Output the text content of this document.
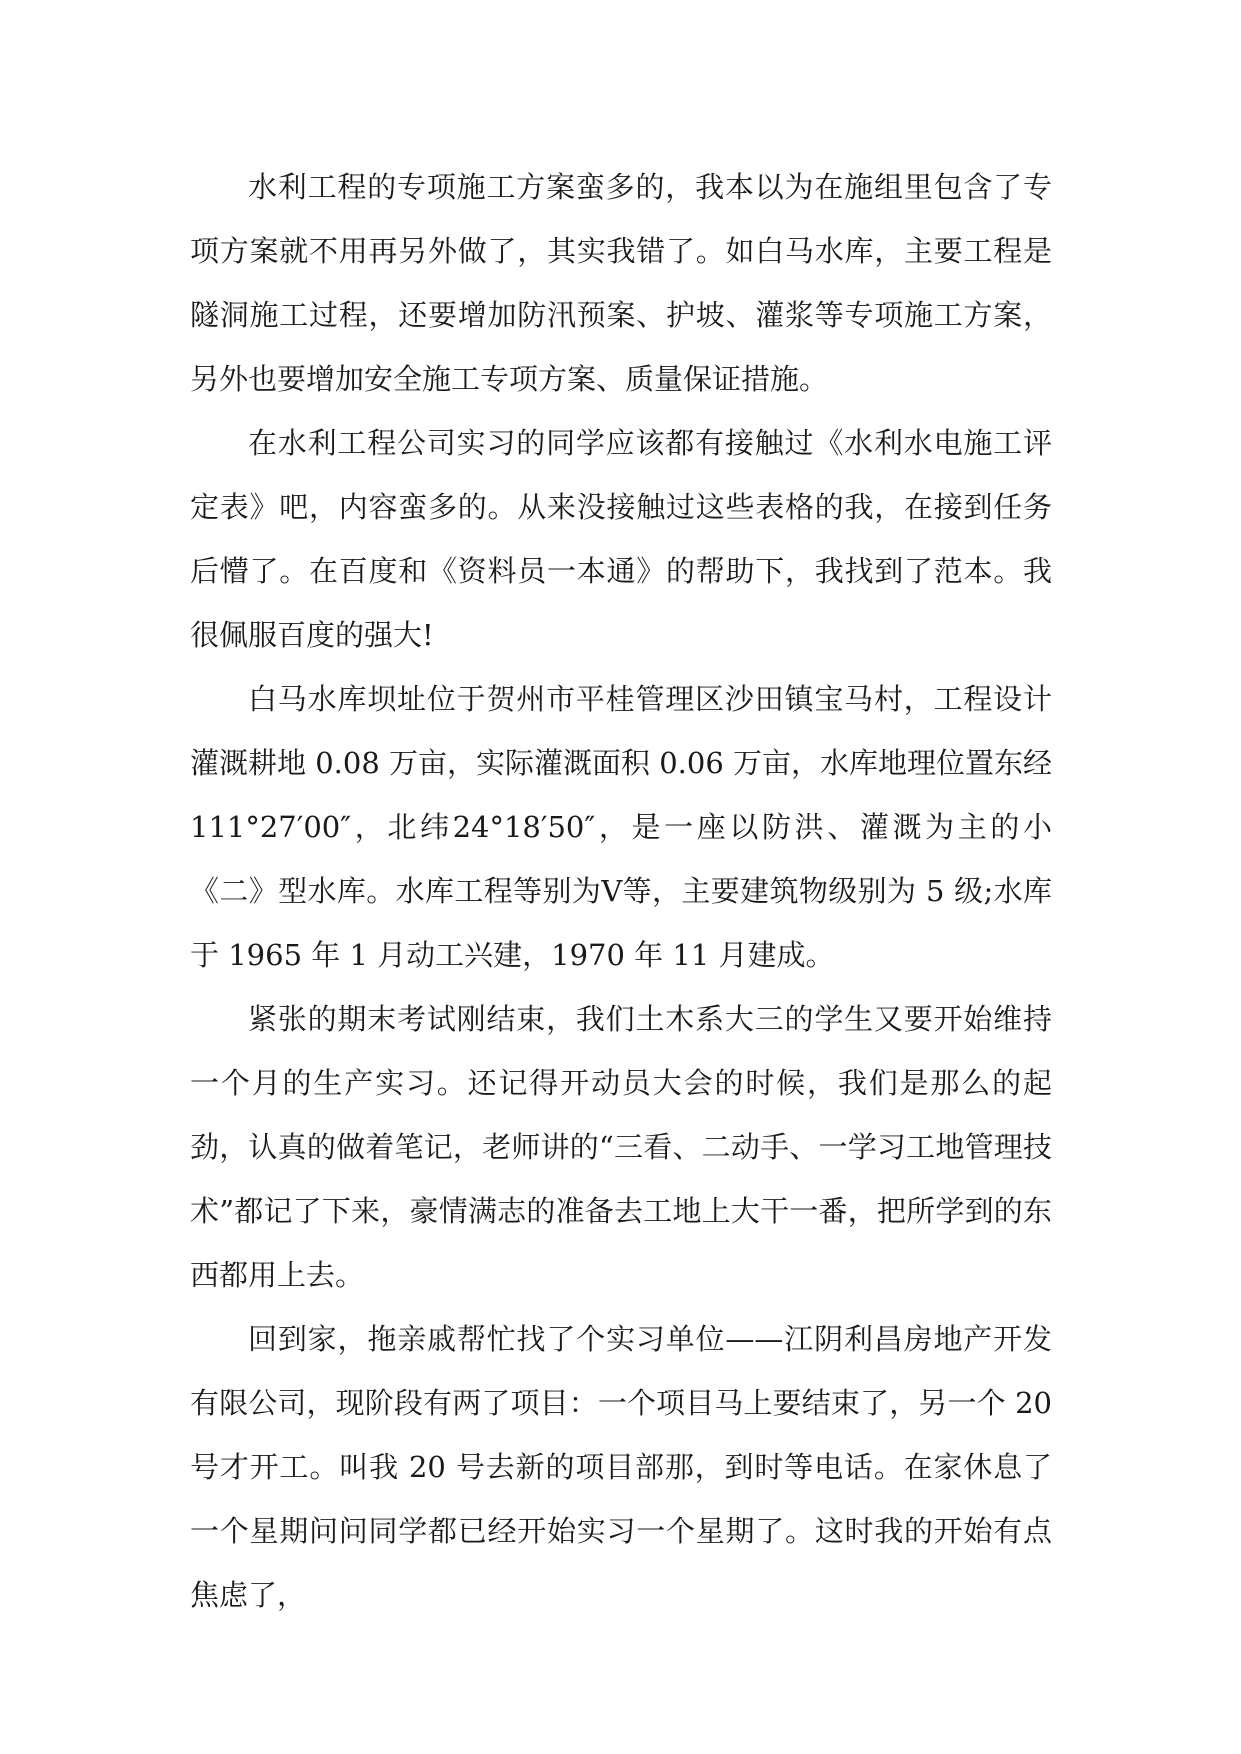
水利工程的专项施工方案蛮多的，我本以为在施组里包含了专项方案就不用再另外做了，其实我错了。如白马水库，主要工程是隧洞施工过程，还要增加防汛预案、护坡、灌浆等专项施工方案，另外也要增加安全施工专项方案、质量保证措施。

在水利工程公司实习的同学应该都有接触过《水利水电施工评定表》吧，内容蛮多的。从来没接触过这些表格的我，在接到任务后懵了。在百度和《资料员一本通》的帮助下，我找到了范本。我很佩服百度的强大!

白马水库坝址位于贺州市平桂管理区沙田镇宝马村，工程设计灌溉耕地 0.08 万亩，实际灌溉面积 0.06 万亩，水库地理位置东经111°27′00″，北纬24°18′50″，是一座以防洪、灌溉为主的小《二》型水库。水库工程等别为Ⅴ等，主要建筑物级别为 5 级;水库于 1965 年 1 月动工兴建，1970 年 11 月建成。

紧张的期末考试刚结束，我们土木系大三的学生又要开始维持一个月的生产实习。还记得开动员大会的时候，我们是那么的起劲，认真的做着笔记，老师讲的“三看、二动手、一学习工地管理技术”都记了下来，豪情满志的准备去工地上大干一番，把所学到的东西都用上去。

回到家，拖亲戚帮忙找了个实习单位——江阴利昌房地产开发有限公司，现阶段有两了项目：一个项目马上要结束了，另一个 20 号才开工。叫我 20 号去新的项目部那，到时等电话。在家休息了一个星期问问同学都已经开始实习一个星期了。这时我的开始有点焦虑了，
